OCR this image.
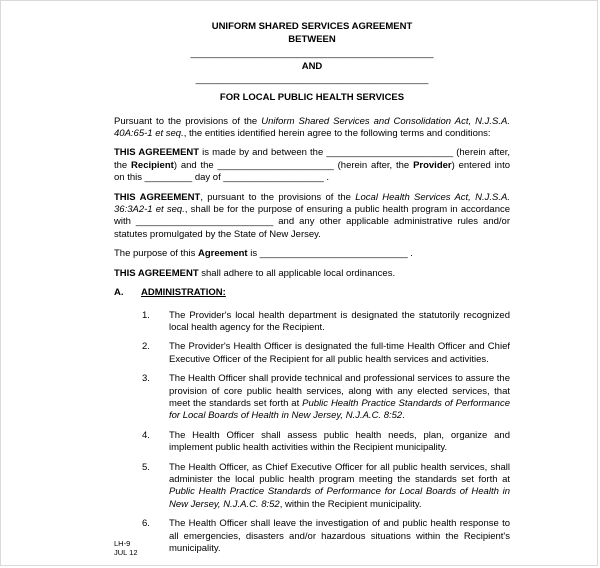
UNIFORM SHARED SERVICES AGREEMENT
BETWEEN
______________________________________________
AND
____________________________________________
FOR LOCAL PUBLIC HEALTH SERVICES

Pursuant to the provisions of the Uniform Shared Services and Consolidation Act, N.J.S.A. 40A:65-1 et seq., the entities identified herein agree to the following terms and conditions:

THIS AGREEMENT is made by and between the ________________________ (herein after, the Recipient) and the ______________________ (herein after, the Provider) entered into on this _________ day of ___________________ .

THIS AGREEMENT, pursuant to the provisions of the Local Health Services Act, N.J.S.A. 36:3A2-1 et seq., shall be for the purpose of ensuring a public health program in accordance with __________________________ and any other applicable administrative rules and/or statutes promulgated by the State of New Jersey.

The purpose of this Agreement is ____________________________ .

THIS AGREEMENT shall adhere to all applicable local ordinances.

A.	ADMINISTRATION:
1.	The Provider's local health department is designated the statutorily recognized local health agency for the Recipient.
2.	The Provider's Health Officer is designated the full-time Health Officer and Chief Executive Officer of the Recipient for all public health services and activities.
3.	The Health Officer shall provide technical and professional services to assure the provision of core public health services, along with any elected services, that meet the standards set forth at Public Health Practice Standards of Performance for Local Boards of Health in New Jersey, N.J.A.C. 8:52.
4.	The Health Officer shall assess public health needs, plan, organize and implement public health activities within the Recipient municipality.
5.	The Health Officer, as Chief Executive Officer for all public health services, shall administer the local public health program meeting the standards set forth at Public Health Practice Standards of Performance for Local Boards of Health in New Jersey, N.J.A.C. 8:52, within the Recipient municipality.
6.	The Health Officer shall leave the investigation of and public health response to all emergencies, disasters and/or hazardous situations within the Recipient's municipality.
LH-9
JUL 12
